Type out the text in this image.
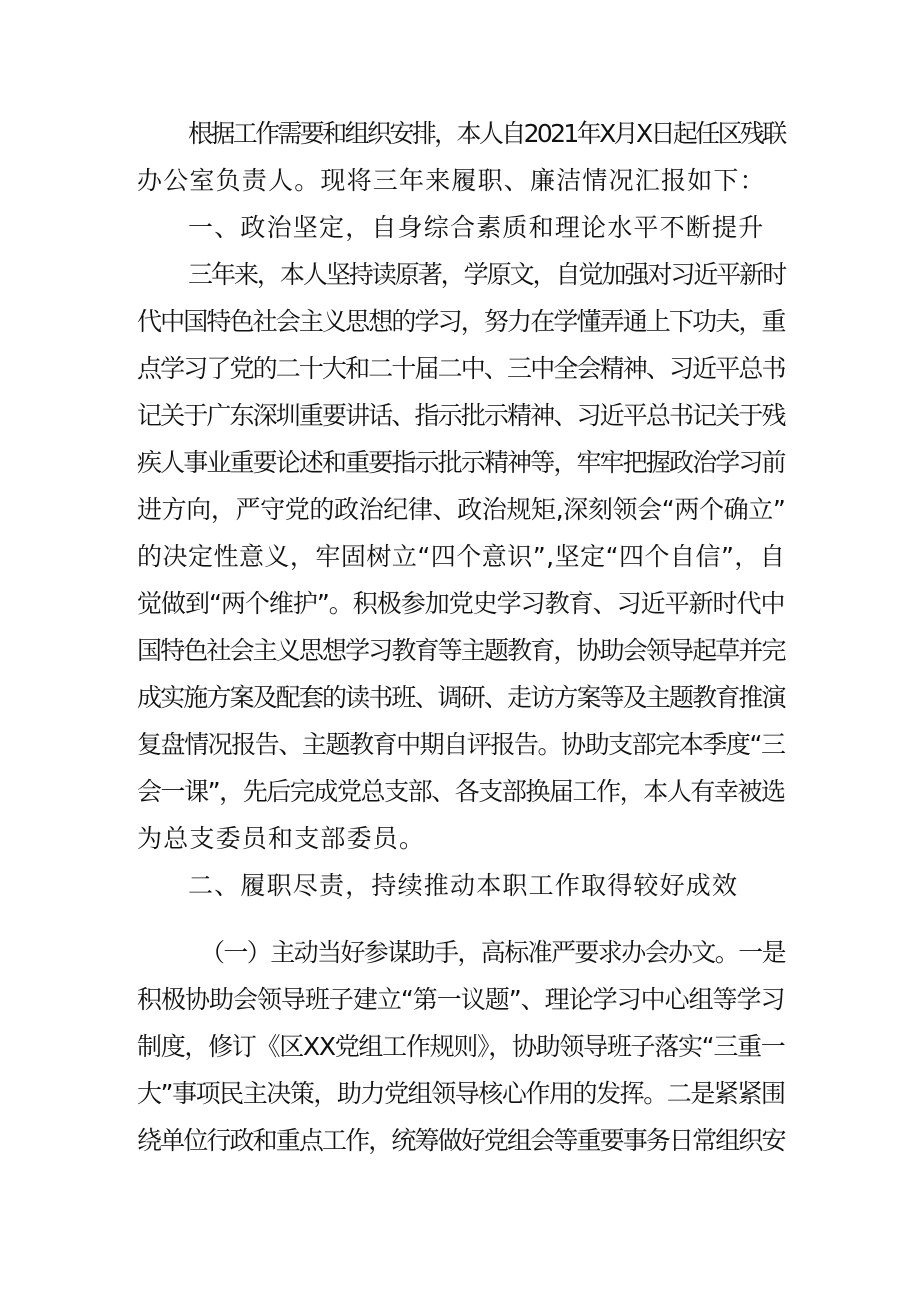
根据工作需要和组织安排，本人自2021年X月X日起任区残联
办公室负责人。现将三年来履职、廉洁情况汇报如下：
一、政治坚定，自身综合素质和理论水平不断提升
三年来，本人坚持读原著，学原文，自觉加强对习近平新时
代中国特色社会主义思想的学习，努力在学懂弄通上下功夫，重
点学习了党的二十大和二十届二中、三中全会精神、习近平总书
记关于广东深圳重要讲话、指示批示精神、习近平总书记关于残
疾人事业重要论述和重要指示批示精神等，牢牢把握政治学习前
进方向，严守党的政治纪律、政治规矩,深刻领会“两个确立”
的决定性意义，牢固树立“四个意识”,坚定“四个自信”，自
觉做到“两个维护”。积极参加党史学习教育、习近平新时代中
国特色社会主义思想学习教育等主题教育，协助会领导起草并完
成实施方案及配套的读书班、调研、走访方案等及主题教育推演
复盘情况报告、主题教育中期自评报告。协助支部完本季度“三
会一课”，先后完成党总支部、各支部换届工作，本人有幸被选
为总支委员和支部委员。
二、履职尽责，持续推动本职工作取得较好成效
（一）主动当好参谋助手，高标准严要求办会办文。一是
积极协助会领导班子建立“第一议题”、理论学习中心组等学习
制度，修订《区XX党组工作规则》，协助领导班子落实“三重一
大”事项民主决策，助力党组领导核心作用的发挥。二是紧紧围
绕单位行政和重点工作，统筹做好党组会等重要事务日常组织安
